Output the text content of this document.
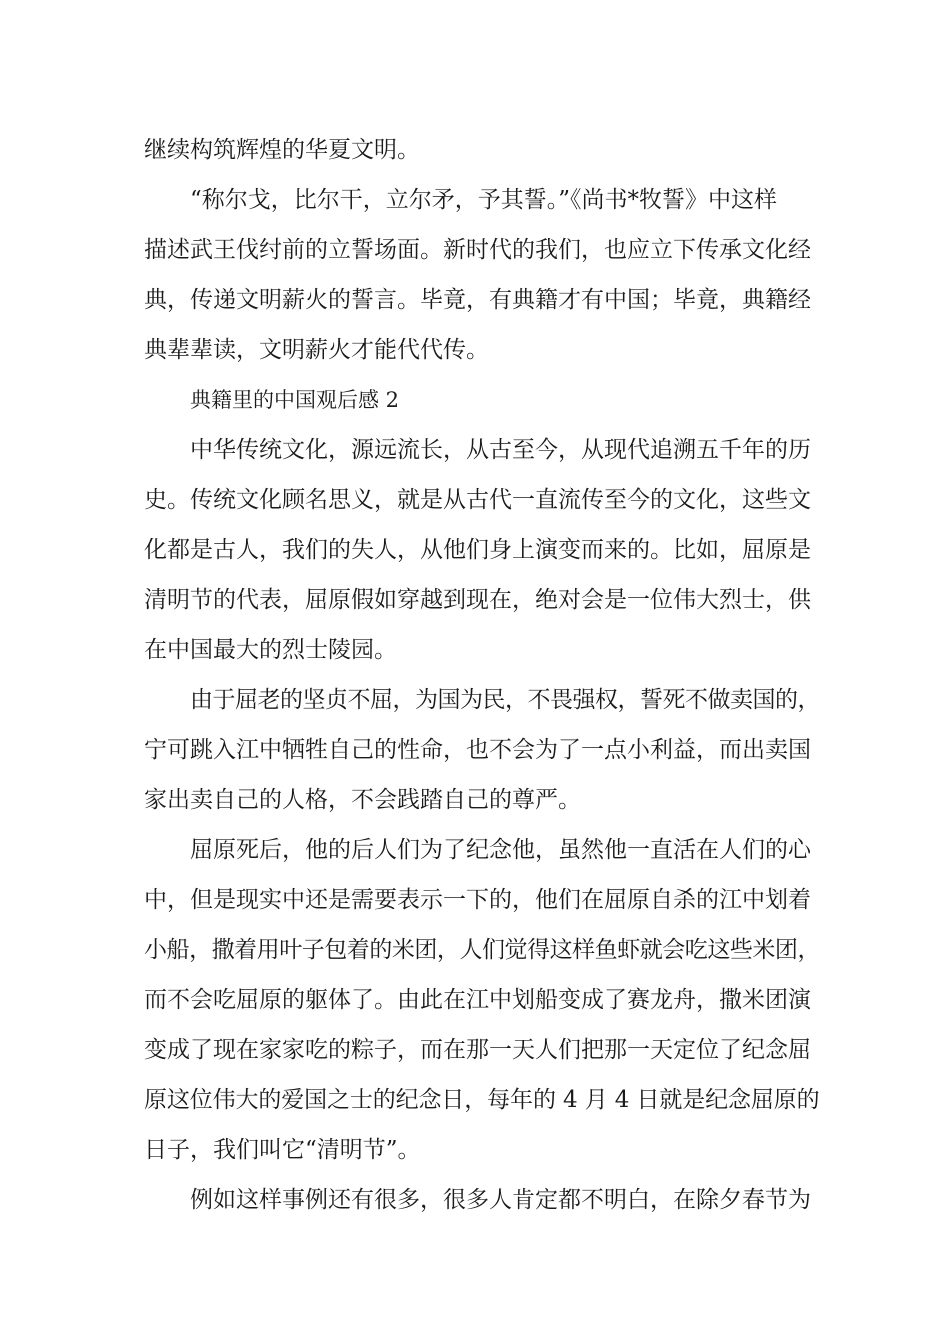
继续构筑辉煌的华夏文明。

“称尔戈，比尔干，立尔矛，予其誓。”《尚书*牧誓》中这样

描述武王伐纣前的立誓场面。新时代的我们，也应立下传承文化经

典，传递文明薪火的誓言。毕竟，有典籍才有中国；毕竟，典籍经

典辈辈读，文明薪火才能代代传。

典籍里的中国观后感 2

中华传统文化，源远流长，从古至今，从现代追溯五千年的历

史。传统文化顾名思义，就是从古代一直流传至今的文化，这些文

化都是古人，我们的失人，从他们身上演变而来的。比如，屈原是

清明节的代表，屈原假如穿越到现在，绝对会是一位伟大烈士，供

在中国最大的烈士陵园。

由于屈老的坚贞不屈，为国为民，不畏强权，誓死不做卖国的，

宁可跳入江中牺牲自己的性命，也不会为了一点小利益，而出卖国

家出卖自己的人格，不会践踏自己的尊严。

屈原死后，他的后人们为了纪念他，虽然他一直活在人们的心

中，但是现实中还是需要表示一下的，他们在屈原自杀的江中划着

小船，撒着用叶子包着的米团，人们觉得这样鱼虾就会吃这些米团，

而不会吃屈原的躯体了。由此在江中划船变成了赛龙舟，撒米团演

变成了现在家家吃的粽子，而在那一天人们把那一天定位了纪念屈

原这位伟大的爱国之士的纪念日，每年的 4 月 4 日就是纪念屈原的

日子，我们叫它“清明节”。

例如这样事例还有很多，很多人肯定都不明白，在除夕春节为
